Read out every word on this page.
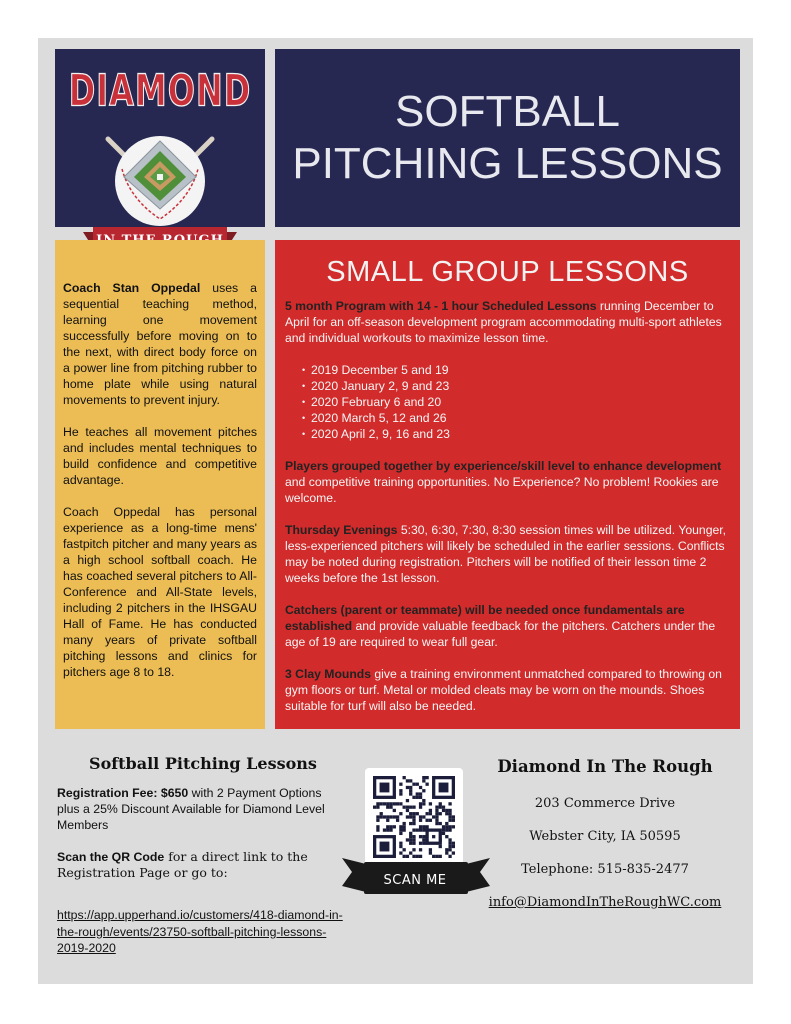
DIAMOND	SOFTBALL
PITCHING LESSONS

Coach Stan Oppedal uses a sequential teaching method, learning one movement successfully before moving on to the next, with direct body force on a power line from pitching rubber to home plate while using natural movements to prevent injury.

He teaches all movement pitches and includes mental techniques to build confidence and competitive advantage.

Coach Oppedal has personal experience as a long-time mens' fastpitch pitcher and many years as a high school softball coach. He has coached several pitchers to All-Conference and All-State levels, including 2 pitchers in the IHSGAU Hall of Fame. He has conducted many years of private softball pitching lessons and clinics for pitchers age 8 to 18.

SMALL GROUP LESSONS

5 month Program with 14 - 1 hour Scheduled Lessons running December to April for an off-season development program accommodating multi-sport athletes and individual workouts to maximize lesson time.

• 2019 December 5 and 19
• 2020 January 2, 9 and 23
• 2020 February 6 and 20
• 2020 March 5, 12 and 26
• 2020 April 2, 9, 16 and 23

Players grouped together by experience/skill level to enhance development and competitive training opportunities. No Experience? No problem! Rookies are welcome.

Thursday Evenings 5:30, 6:30, 7:30, 8:30 session times will be utilized. Younger, less-experienced pitchers will likely be scheduled in the earlier sessions. Conflicts may be noted during registration. Pitchers will be notified of their lesson time 2 weeks before the 1st lesson.

Catchers (parent or teammate) will be needed once fundamentals are established and provide valuable feedback for the pitchers. Catchers under the age of 19 are required to wear full gear.

3 Clay Mounds give a training environment unmatched compared to throwing on gym floors or turf. Metal or molded cleats may be worn on the mounds. Shoes suitable for turf will also be needed.

Softball Pitching Lessons

Registration Fee: $650 with 2 Payment Options plus a 25% Discount Available for Diamond Level Members

Scan the QR Code for a direct link to the Registration Page or go to:

https://app.upperhand.io/customers/418-diamond-in-the-rough/events/23750-softball-pitching-lessons-2019-2020
SCAN ME
Diamond In The Rough
203 Commerce Drive
Webster City, IA 50595
Telephone: 515-835-2477
info@DiamondInTheRoughWC.com
